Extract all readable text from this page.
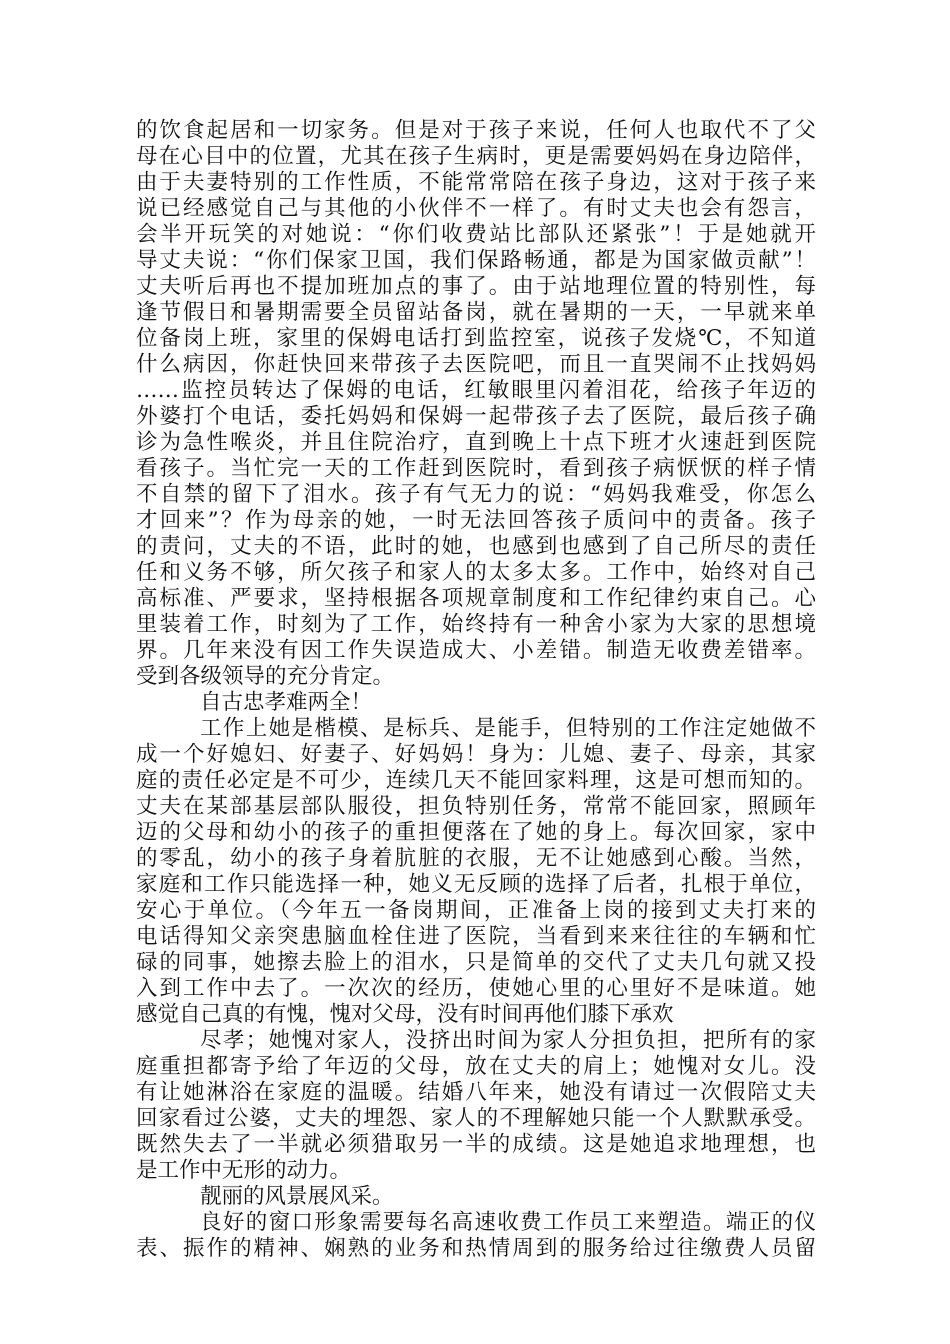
的饮食起居和一切家务。但是对于孩子来说，任何人也取代不了父
母在心目中的位置，尤其在孩子生病时，更是需要妈妈在身边陪伴，
由于夫妻特别的工作性质，不能常常陪在孩子身边，这对于孩子来
说已经感觉自己与其他的小伙伴不一样了。有时丈夫也会有怨言，
会半开玩笑的对她说：“你们收费站比部队还紧张”！于是她就开
导丈夫说：“你们保家卫国，我们保路畅通，都是为国家做贡献”！
丈夫听后再也不提加班加点的事了。由于站地理位置的特别性，每
逢节假日和暑期需要全员留站备岗，就在暑期的一天，一早就来单
位备岗上班，家里的保姆电话打到监控室，说孩子发烧℃，不知道
什么病因，你赶快回来带孩子去医院吧，而且一直哭闹不止找妈妈
……监控员转达了保姆的电话，红敏眼里闪着泪花，给孩子年迈的
外婆打个电话，委托妈妈和保姆一起带孩子去了医院，最后孩子确
诊为急性喉炎，并且住院治疗，直到晚上十点下班才火速赶到医院
看孩子。当忙完一天的工作赶到医院时，看到孩子病恹恹的样子情
不自禁的留下了泪水。孩子有气无力的说：“妈妈我难受，你怎么
才回来”？作为母亲的她，一时无法回答孩子质问中的责备。孩子
的责问，丈夫的不语，此时的她，也感到也感到了自己所尽的责任
任和义务不够，所欠孩子和家人的太多太多。工作中，始终对自己
高标准、严要求，坚持根据各项规章制度和工作纪律约束自己。心
里装着工作，时刻为了工作，始终持有一种舍小家为大家的思想境
界。几年来没有因工作失误造成大、小差错。制造无收费差错率。
受到各级领导的充分肯定。
自古忠孝难两全！
工作上她是楷模、是标兵、是能手，但特别的工作注定她做不
成一个好媳妇、好妻子、好妈妈！身为：儿媳、妻子、母亲，其家
庭的责任必定是不可少，连续几天不能回家料理，这是可想而知的。
丈夫在某部基层部队服役，担负特别任务，常常不能回家，照顾年
迈的父母和幼小的孩子的重担便落在了她的身上。每次回家，家中
的零乱，幼小的孩子身着肮脏的衣服，无不让她感到心酸。当然，
家庭和工作只能选择一种，她义无反顾的选择了后者，扎根于单位，
安心于单位。（今年五一备岗期间，正准备上岗的接到丈夫打来的
电话得知父亲突患脑血栓住进了医院，当看到来来往往的车辆和忙
碌的同事，她擦去脸上的泪水，只是简单的交代了丈夫几句就又投
入到工作中去了。一次次的经历，使她心里的心里好不是味道。她
感觉自己真的有愧，愧对父母，没有时间再他们膝下承欢
尽孝；她愧对家人，没挤出时间为家人分担负担，把所有的家
庭重担都寄予给了年迈的父母，放在丈夫的肩上；她愧对女儿。没
有让她淋浴在家庭的温暖。结婚八年来，她没有请过一次假陪丈夫
回家看过公婆，丈夫的埋怨、家人的不理解她只能一个人默默承受。
既然失去了一半就必须猎取另一半的成绩。这是她追求地理想，也
是工作中无形的动力。
靓丽的风景展风采。
良好的窗口形象需要每名高速收费工作员工来塑造。端正的仪
表、振作的精神、娴熟的业务和热情周到的服务给过往缴费人员留
